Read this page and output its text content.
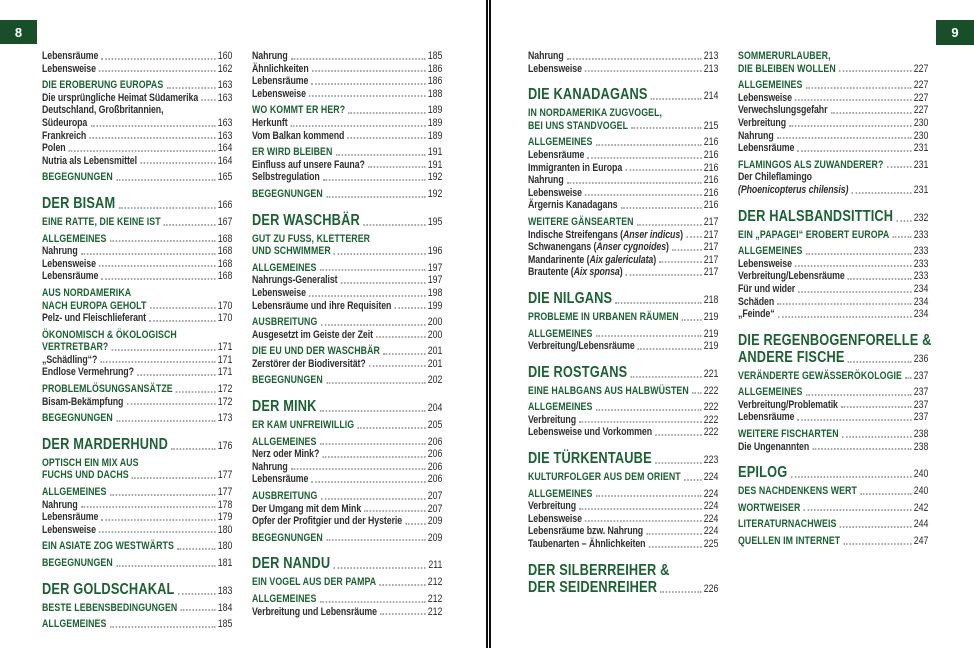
8	9
Lebensräume	160
Lebensweise	162
DIE EROBERUNG EUROPAS	163
Die ursprüngliche Heimat Südamerika 163
Deutschland, Großbritannien,
Südeuropa	163
Frankreich	163
Polen	164
Nutria als Lebensmittel	164
BEGEGNUNGEN	165
DER BISAM	166
EINE RATTE, DIE KEINE IST	167
ALLGEMEINES	168
Nahrung	168
Lebensweise	168
Lebensräume	168
AUS NORDAMERIKA
NACH EUROPA GEHOLT	170
Pelz- und Fleischlieferant	170
ÖKONOMISCH & ÖKOLOGISCH
VERTRETBAR?	171
„Schädling“?	171
Endlose Vermehrung?	171
PROBLEMLÖSUNGSANSÄTZE	172
Bisam-Bekämpfung	172
BEGEGNUNGEN	173
DER MARDERHUND	176
OPTISCH EIN MIX AUS
FUCHS UND DACHS	177
ALLGEMEINES	177
Nahrung	178
Lebensräume	179
Lebensweise	180
EIN ASIATE ZOG WESTWÄRTS	180
BEGEGNUNGEN	181
DER GOLDSCHAKAL	183
BESTE LEBENSBEDINGUNGEN	184
ALLGEMEINES	185
Nahrung	185
Ähnlichkeiten	186
Lebensräume	186
Lebensweise	188
WO KOMMT ER HER?	189
Herkunft	189
Vom Balkan kommend	189
ER WIRD BLEIBEN	191
Einfluss auf unsere Fauna?	191
Selbstregulation	192
BEGEGNUNGEN	192
DER WASCHBÄR	195
GUT ZU FUSS, KLETTERER
UND SCHWIMMER	196
ALLGEMEINES	197
Nahrungs-Generalist	197
Lebensweise	198
Lebensräume und ihre Requisiten	199
AUSBREITUNG	200
Ausgesetzt im Geiste der Zeit	200
DIE EU UND DER WASCHBÄR	201
Zerstörer der Biodiversität?	201
BEGEGNUNGEN	202
DER MINK	204
ER KAM UNFREIWILLIG	205
ALLGEMEINES	206
Nerz oder Mink?	206
Nahrung	206
Lebensräume	206
AUSBREITUNG	207
Der Umgang mit dem Mink	207
Opfer der Profitgier und der Hysterie 209
BEGEGNUNGEN	209
DER NANDU	211
EIN VOGEL AUS DER PAMPA	212
ALLGEMEINES	212
Verbreitung und Lebensräume	212
Nahrung	213
Lebensweise	213
DIE KANADAGANS	214
IN NORDAMERIKA ZUGVOGEL,
BEI UNS STANDVOGEL	215
ALLGEMEINES	216
Lebensräume	216
Immigranten in Europa	216
Nahrung	216
Lebensweise	216
Ärgernis Kanadagans	216
WEITERE GÄNSEARTEN	217
Indische Streifengans (Anser indicus) 217
Schwanengans (Anser cygnoides)	217
Mandarinente (Aix galericulata)	217
Brautente (Aix sponsa)	217
DIE NILGANS	218
PROBLEME IN URBANEN RÄUMEN 219
ALLGEMEINES	219
Verbreitung/Lebensräume	219
DIE ROSTGANS	221
EINE HALBGANS AUS HALBWÜSTEN 222
ALLGEMEINES	222
Verbreitung	222
Lebensweise und Vorkommen	222
DIE TÜRKENTAUBE	223
KULTURFOLGER AUS DEM ORIENT 224
ALLGEMEINES	224
Verbreitung	224
Lebensweise	224
Lebensräume bzw. Nahrung	224
Taubenarten – Ähnlichkeiten	225
DER SILBERREIHER &
DER SEIDENREIHER	226
SOMMERURLAUBER,
DIE BLEIBEN WOLLEN	227
ALLGEMEINES	227
Lebensweise	227
Verwechslungsgefahr	227
Verbreitung	230
Nahrung	230
Lebensräume	231
FLAMINGOS ALS ZUWANDERER?	231
Der Chileflamingo
(Phoenicopterus chilensis)	231
DER HALSBANDSITTICH 232
EIN „PAPAGEI“ EROBERT EUROPA 233
ALLGEMEINES	233
Lebensweise	233
Verbreitung/Lebensräume	233
Für und wider	234
Schäden	234
„Feinde“	234
DIE REGENBOGENFORELLE &
ANDERE FISCHE	236
VERÄNDERTE GEWÄSSERÖKOLOGIE 237
ALLGEMEINES	237
Verbreitung/Problematik	237
Lebensräume	237
WEITERE FISCHARTEN	238
Die Ungenannten	238
EPILOG	240
DES NACHDENKENS WERT	240
WORTWEISER	242
LITERATURNACHWEIS	244
QUELLEN IM INTERNET	247
